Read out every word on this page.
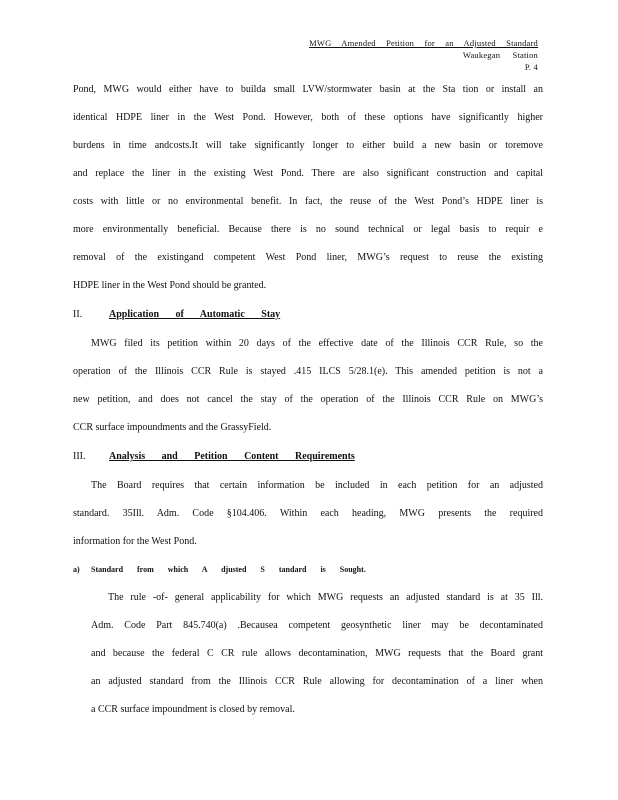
MWG Amended Petition for an Adjusted Standard
Waukegan Station
P. 4
Pond, MWG would either have to buildа small LVW/stormwater basin at the Sta tion or install an
identical HDPE liner in the West Pond. However, both of these options have significantly higher
burdens in time andcosts.It will take significantly longer to either build a new basin or toremove
and replace the liner in the existing West Pond. There are also significant construction and capital
costs with little or no environmental benefit. In fact, the reuse of the West Pond’s HDPE liner is
more environmentally beneficial. Because there is no sound technical or legal basis to requir e
removal of the existingand competent West Pond liner, MWG’s request to reuse the existing
HDPE liner in the West Pond should be granted.
II.	Application of Automatic Stay
MWG filed its petition within 20 days of the effective date of the Illinois CCR Rule, so the
operation of the Illinois CCR Rule is stayed .415 ILCS 5/28.1(e). This amended petition is not a
new petition, and does not cancel the stay of the operation of the Illinois CCR Rule on MWG’s
CCR surface impoundments and the GrassyField.
III. Analysis and Petition Content Requirements
The Board requires that certain information be included in each petition for an adjusted
standard. 35Ill. Adm. Code §104.406. Within each heading, MWG presents the required
information for the West Pond.
a) Standard from which A djusted S tandard is Sought.
The rule -of- general applicability for which MWG requests an adjusted standard is at 35 Ill.
Adm. Code Part 845.740(a) .Becausea competent geosynthetic liner may be decontaminated
and because the federal C CR rule allows decontamination, MWG requests that the Board grant
an adjusted standard from the Illinois CCR Rule allowing for decontamination of a liner when
a CCR surface impoundment is closed by removal.
